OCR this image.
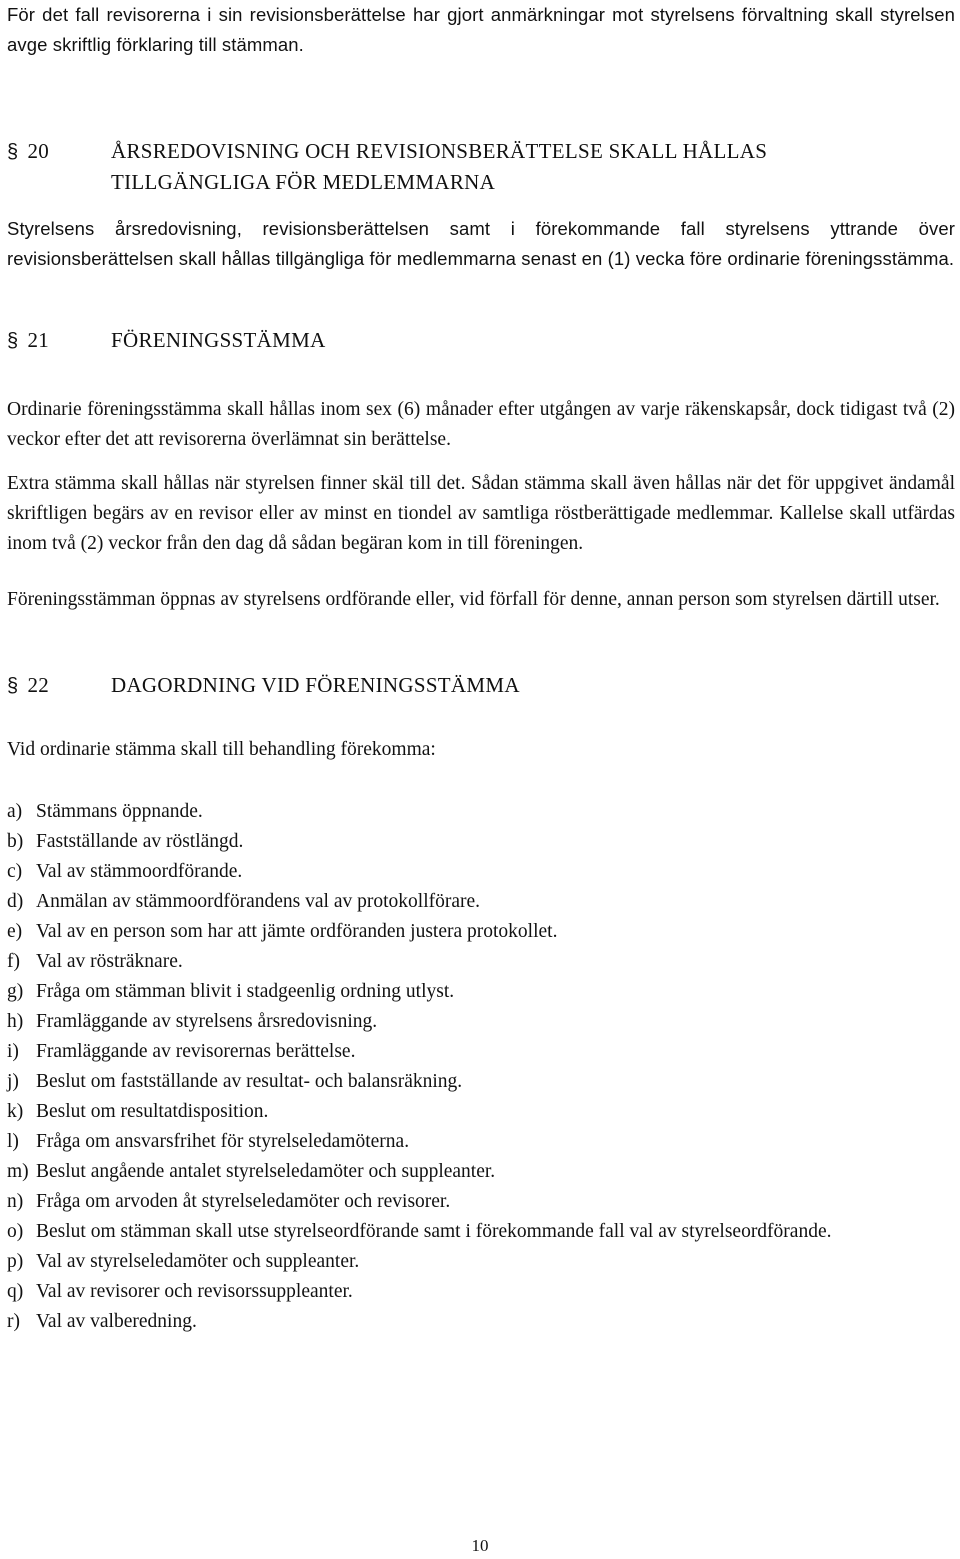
För det fall revisorerna i sin revisionsberättelse har gjort anmärkningar mot styrelsens förvaltning skall styrelsen avge skriftlig förklaring till stämman.

§ 20	ÅRSREDOVISNING OCH REVISIONSBERÄTTELSE SKALL HÅLLAS
TILLGÄNGLIGA FÖR MEDLEMMARNA

Styrelsens årsredovisning, revisionsberättelsen samt i förekommande fall styrelsens yttrande över revisionsberättelsen skall hållas tillgängliga för medlemmarna senast en (1) vecka före ordinarie föreningsstämma.

§ 21	FÖRENINGSSTÄMMA

Ordinarie föreningsstämma skall hållas inom sex (6) månader efter utgången av varje räkenskapsår, dock tidigast två (2) veckor efter det att revisorerna överlämnat sin berättelse.

Extra stämma skall hållas när styrelsen finner skäl till det. Sådan stämma skall även hållas när det för uppgivet ändamål skriftligen begärs av en revisor eller av minst en tiondel av samtliga röstberättigade medlemmar. Kallelse skall utfärdas inom två (2) veckor från den dag då sådan begäran kom in till föreningen.

Föreningsstämman öppnas av styrelsens ordförande eller, vid förfall för denne, annan person som styrelsen därtill utser.

§ 22	DAGORDNING VID FÖRENINGSSTÄMMA

Vid ordinarie stämma skall till behandling förekomma:

a) Stämmans öppnande.
b) Fastställande av röstlängd.
c) Val av stämmoordförande.
d) Anmälan av stämmoordförandens val av protokollförare.
e) Val av en person som har att jämte ordföranden justera protokollet.
f) Val av rösträknare.
g) Fråga om stämman blivit i stadgeenlig ordning utlyst.
h) Framläggande av styrelsens årsredovisning.
i) Framläggande av revisorernas berättelse.
j) Beslut om fastställande av resultat- och balansräkning.
k) Beslut om resultatdisposition.
l) Fråga om ansvarsfrihet för styrelseledamöterna.
m) Beslut angående antalet styrelseledamöter och suppleanter.
n) Fråga om arvoden åt styrelseledamöter och revisorer.
o) Beslut om stämman skall utse styrelseordförande samt i förekommande fall val av styrelseordförande.
p) Val av styrelseledamöter och suppleanter.
q) Val av revisorer och revisorssuppleanter.
r) Val av valberedning.
10
